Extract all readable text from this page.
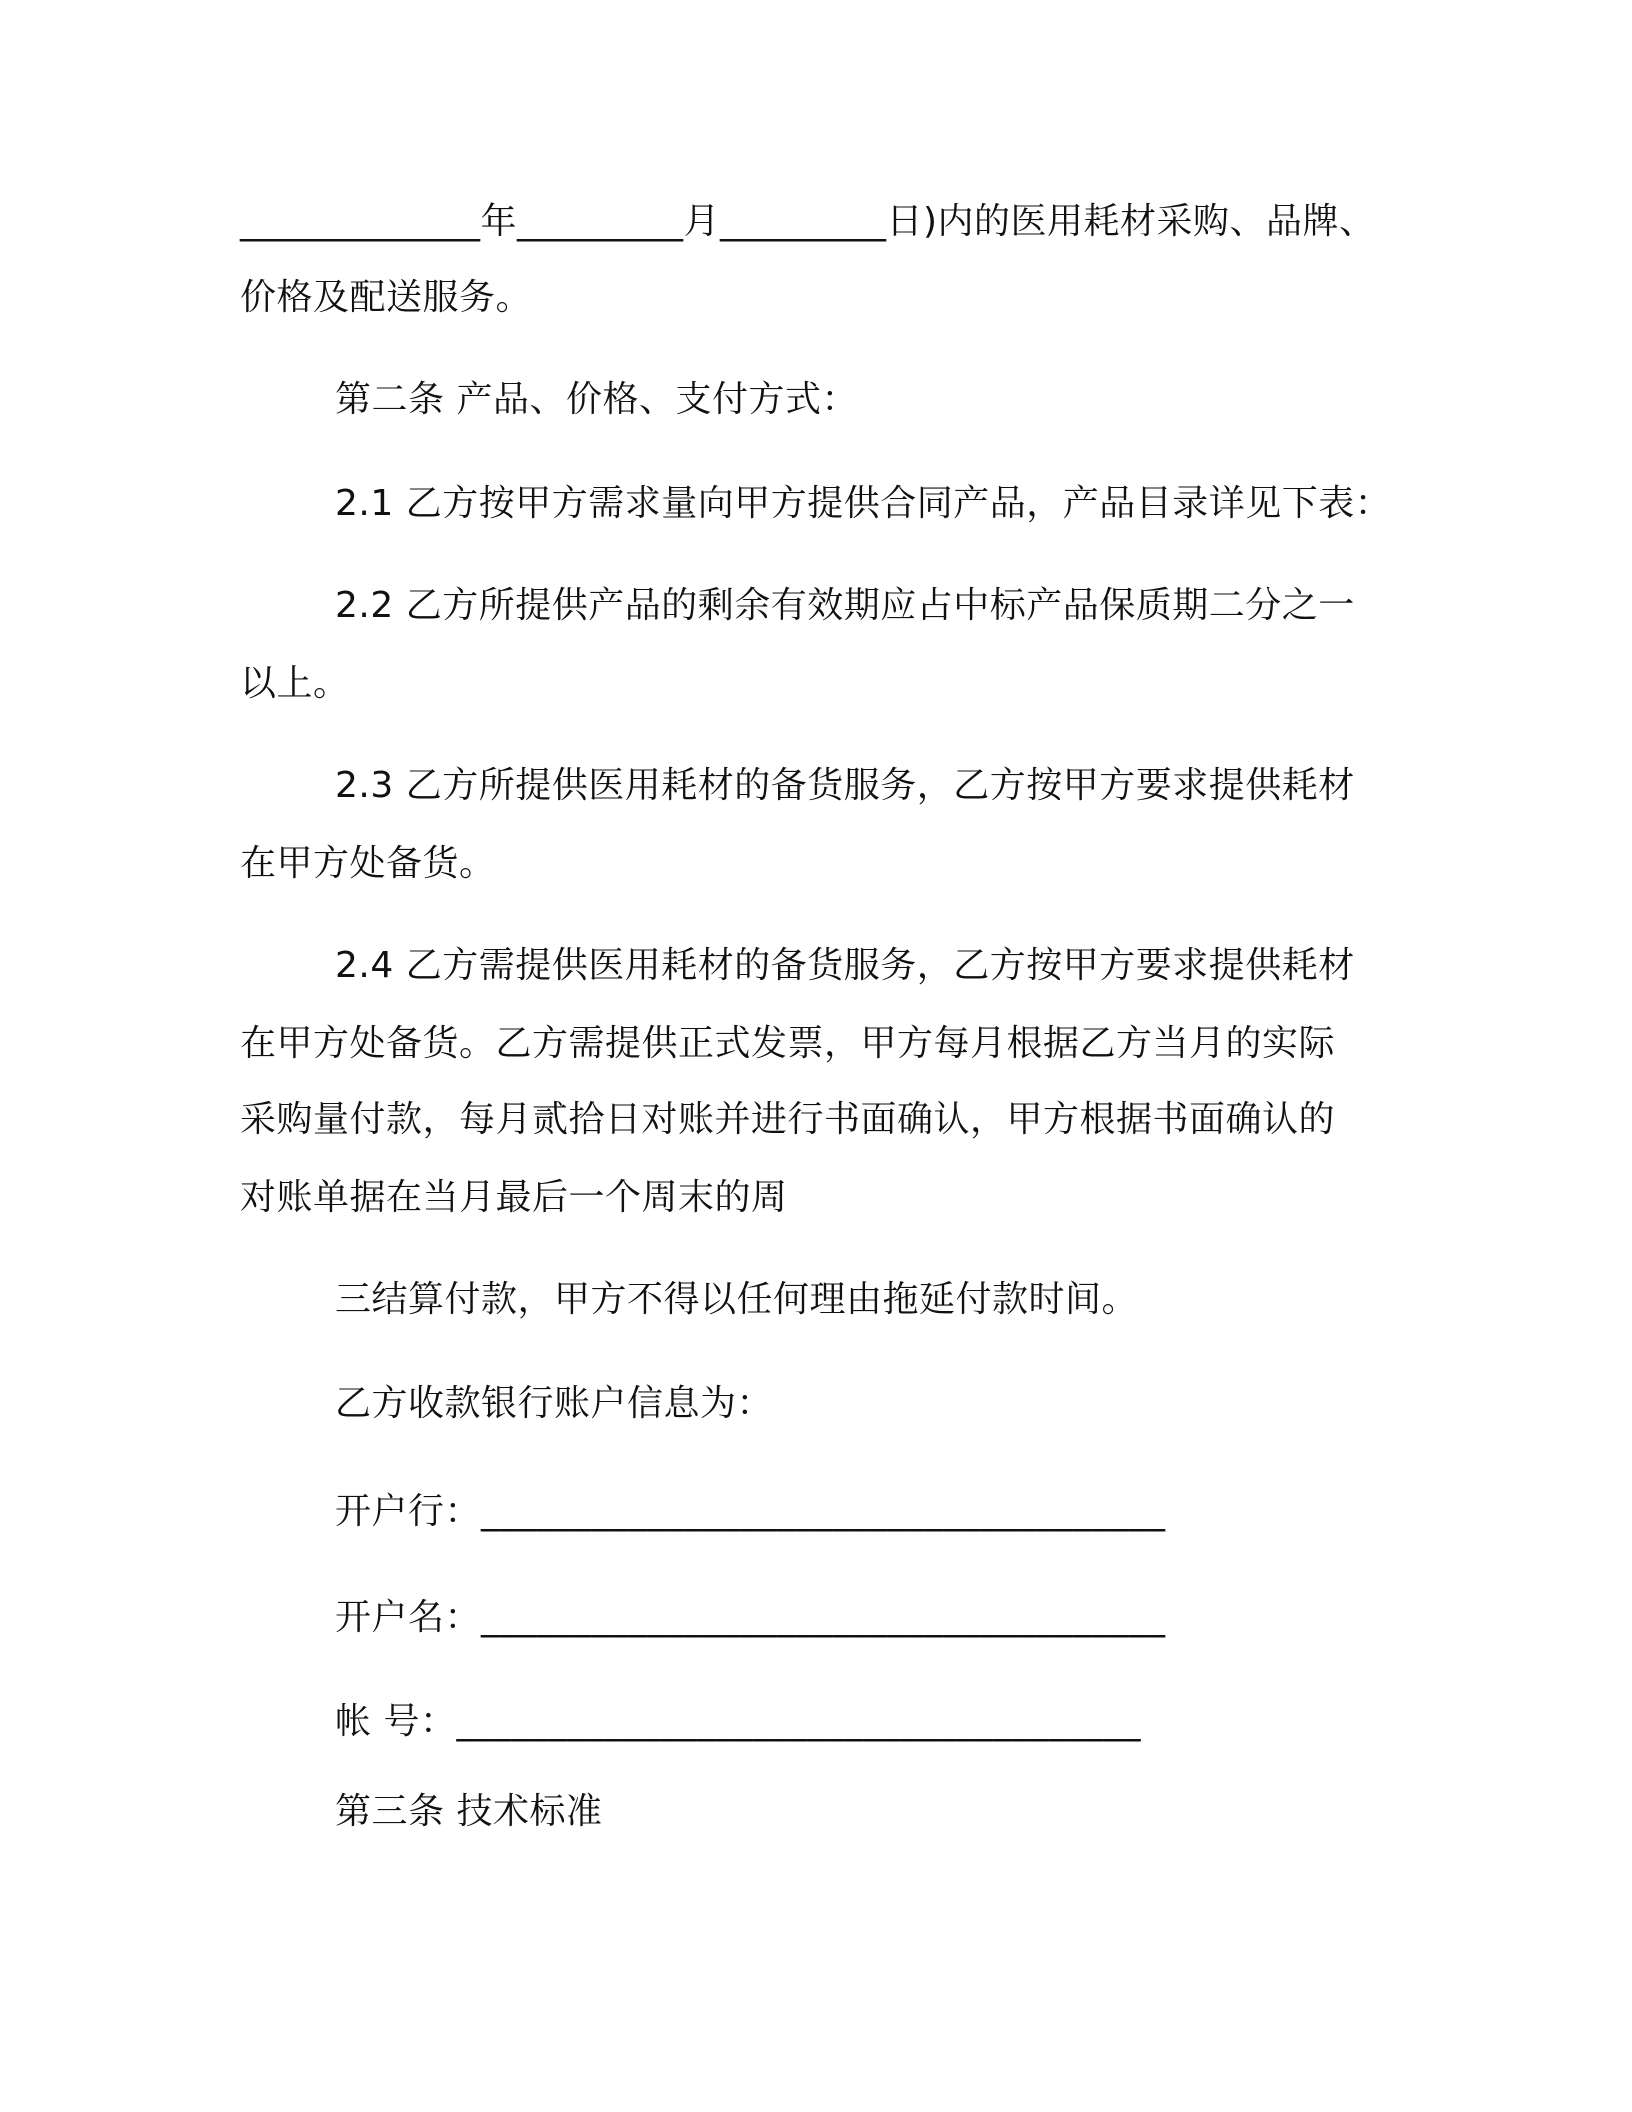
_____________年_________月_________日)内的医用耗材采购、品牌、
价格及配送服务。
第二条 产品、价格、支付方式：
2.1 乙方按甲方需求量向甲方提供合同产品，产品目录详见下表：
2.2 乙方所提供产品的剩余有效期应占中标产品保质期二分之一
以上。
2.3 乙方所提供医用耗材的备货服务，乙方按甲方要求提供耗材
在甲方处备货。
2.4 乙方需提供医用耗材的备货服务，乙方按甲方要求提供耗材
在甲方处备货。乙方需提供正式发票，甲方每月根据乙方当月的实际
采购量付款，每月贰拾日对账并进行书面确认，甲方根据书面确认的
对账单据在当月最后一个周末的周
三结算付款，甲方不得以任何理由拖延付款时间。
乙方收款银行账户信息为：
开户行：_____________________________________
开户名：_____________________________________
帐 号：_____________________________________
第三条 技术标准
